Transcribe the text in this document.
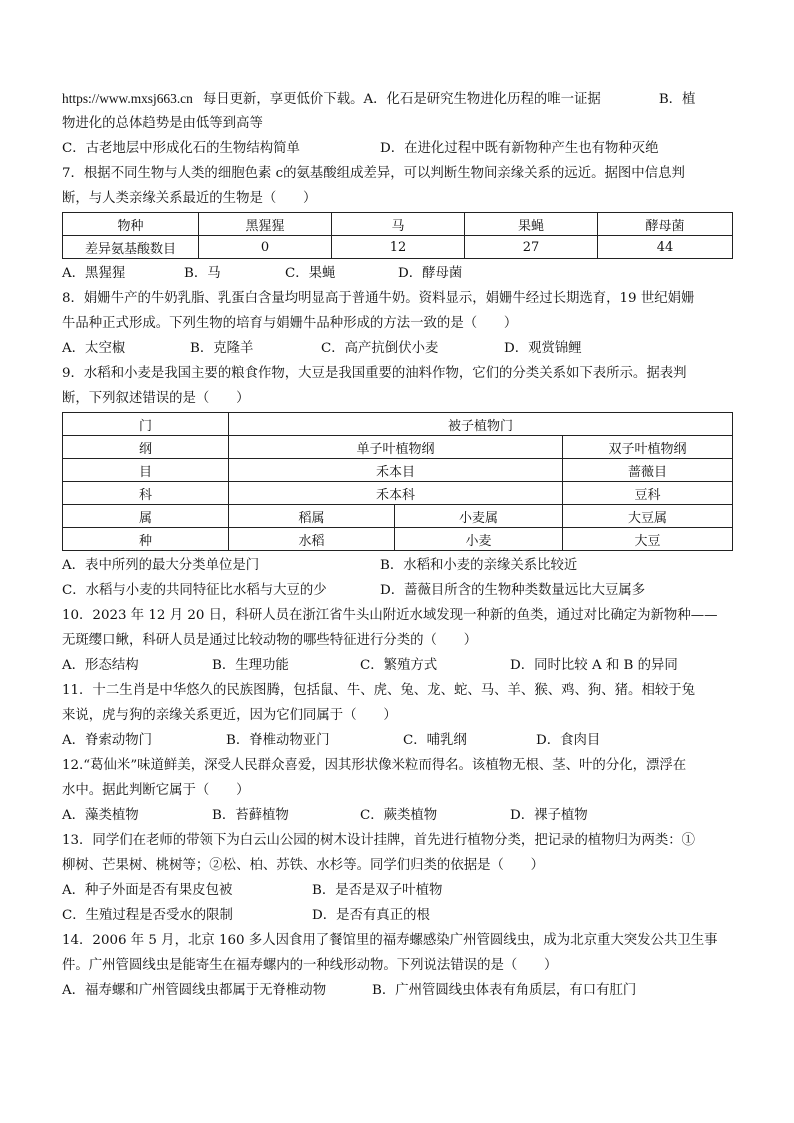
https://www.mxsj663.cn 每日更新，享更低价下载。A．化石是研究生物进化历程的唯一证据	B．植
物进化的总体趋势是由低等到高等
C．古老地层中形成化石的生物结构简单	D．在进化过程中既有新物种产生也有物种灭绝
7．根据不同生物与人类的细胞色素 c的氨基酸组成差异，可以判断生物间亲缘关系的远近。据图中信息判
断，与人类亲缘关系最近的生物是（　　）
物种	黑猩猩	马	果蝇	酵母菌
差异氨基酸数目	0	12	27	44
A．黑猩猩	B．马	C．果蝇	D．酵母菌
8．娟姗牛产的牛奶乳脂、乳蛋白含量均明显高于普通牛奶。资料显示，娟姗牛经过长期选育，19 世纪娟姗
牛品种正式形成。下列生物的培育与娟姗牛品种形成的方法一致的是（　　）
A．太空椒	B．克隆羊	C．高产抗倒伏小麦	D．观赏锦鲤
9．水稻和小麦是我国主要的粮食作物，大豆是我国重要的油料作物，它们的分类关系如下表所示。据表判
断，下列叙述错误的是（　　）
门	被子植物门		
纲	单子叶植物纲		双子叶植物纲
目	禾本目		蔷薇目
科	禾本科		豆科
属	稻属	小麦属	大豆属
种	水稻	小麦	大豆
A．表中所列的最大分类单位是门	B．水稻和小麦的亲缘关系比较近
C．水稻与小麦的共同特征比水稻与大豆的少	D．蔷薇目所含的生物种类数量远比大豆属多
10．2023 年 12 月 20 日，科研人员在浙江省牛头山附近水域发现一种新的鱼类，通过对比确定为新物种——
无斑缨口鳅，科研人员是通过比较动物的哪些特征进行分类的（　　）
A．形态结构	B．生理功能	C．繁殖方式	D．同时比较 A 和 B 的异同
11．十二生肖是中华悠久的民族图腾，包括鼠、牛、虎、兔、龙、蛇、马、羊、猴、鸡、狗、猪。相较于兔
来说，虎与狗的亲缘关系更近，因为它们同属于（　　）
A．脊索动物门	B．脊椎动物亚门	C．哺乳纲	D．食肉目
12.“葛仙米”味道鲜美，深受人民群众喜爱，因其形状像米粒而得名。该植物无根、茎、叶的分化，漂浮在
水中。据此判断它属于（　　）
A．藻类植物	B．苔藓植物	C．蕨类植物	D．裸子植物
13．同学们在老师的带领下为白云山公园的树木设计挂牌，首先进行植物分类，把记录的植物归为两类：①
柳树、芒果树、桃树等；②松、柏、苏铁、水杉等。同学们归类的依据是（　　）
A．种子外面是否有果皮包被	B．是否是双子叶植物
C．生殖过程是否受水的限制	D．是否有真正的根
14．2006 年 5 月，北京 160 多人因食用了餐馆里的福寿螺感染广州管圆线虫，成为北京重大突发公共卫生事
件。广州管圆线虫是能寄生在福寿螺内的一种线形动物。下列说法错误的是（　　）
A．福寿螺和广州管圆线虫都属于无脊椎动物	B．广州管圆线虫体表有角质层，有口有肛门
